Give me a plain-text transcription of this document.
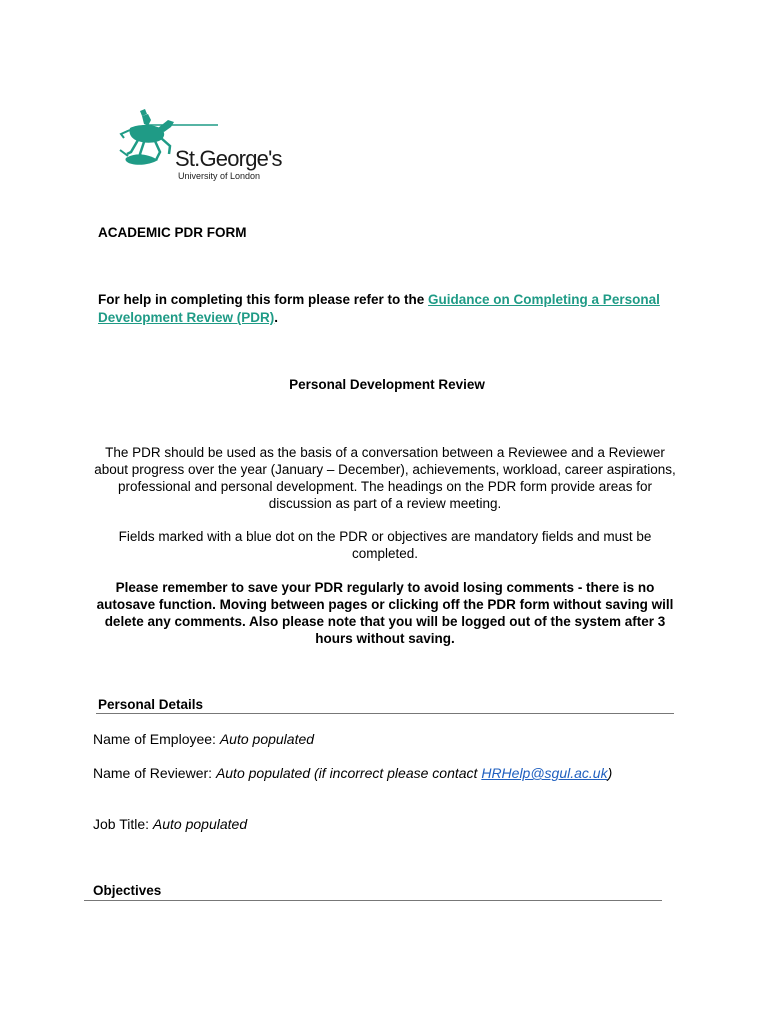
St.George's
University of London
ACADEMIC PDR FORM

For help in completing this form please refer to the Guidance on Completing a Personal Development Review (PDR).

Personal Development Review

The PDR should be used as the basis of a conversation between a Reviewee and a Reviewer about progress over the year (January – December), achievements, workload, career aspirations, professional and personal development. The headings on the PDR form provide areas for discussion as part of a review meeting.

Fields marked with a blue dot on the PDR or objectives are mandatory fields and must be completed.

Please remember to save your PDR regularly to avoid losing comments - there is no autosave function. Moving between pages or clicking off the PDR form without saving will delete any comments. Also please note that you will be logged out of the system after 3 hours without saving.

Personal Details

Name of Employee: Auto populated

Name of Reviewer: Auto populated (if incorrect please contact HRHelp@sgul.ac.uk)

Job Title: Auto populated

Objectives
